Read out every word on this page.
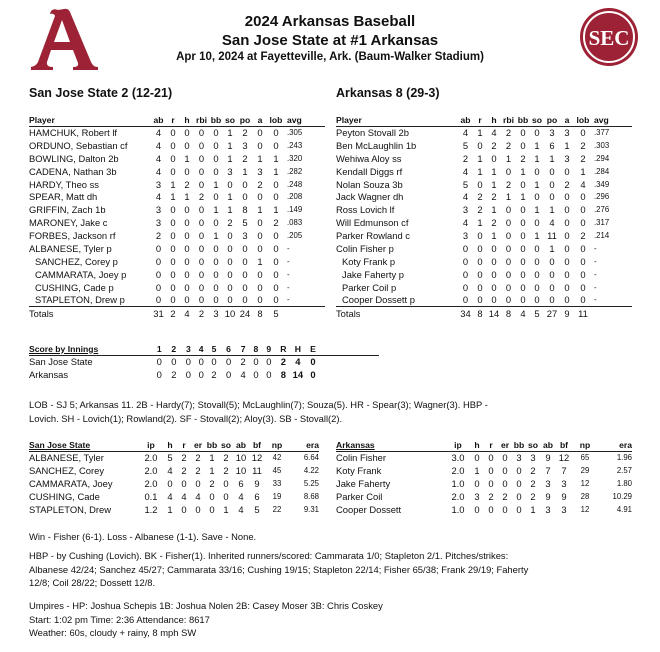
SEC
2024 Arkansas Baseball
San Jose State at #1 Arkansas
Apr 10, 2024 at Fayetteville, Ark. (Baum-Walker Stadium)
San Jose State 2 (12-21)	Arkansas 8 (29-3)
Player	ab	r	h	rbi	bb	so	po	a	lob	avg
HAMCHUK, Robert lf	4	0	0	0	0	1	2	0	0	.305
ORDUNO, Sebastian cf	4	0	0	0	0	1	3	0	0	.243
BOWLING, Dalton 2b	4	0	1	0	0	1	2	1	1	.320
CADENA, Nathan 3b	4	0	0	0	0	3	1	3	1	.282
HARDY, Theo ss	3	1	2	0	1	0	0	2	0	.248
SPEAR, Matt dh	4	1	1	2	0	1	0	0	0	.208
GRIFFIN, Zach 1b	3	0	0	0	1	1	8	1	1	.149
MARONEY, Jake c	3	0	0	0	0	2	5	0	2	.083
FORBES, Jackson rf	2	0	0	0	1	0	3	0	0	.205
ALBANESE, Tyler p	0	0	0	0	0	0	0	0	0	-
SANCHEZ, Corey p	0	0	0	0	0	0	0	1	0	-
CAMMARATA, Joey p	0	0	0	0	0	0	0	0	0	-
CUSHING, Cade p	0	0	0	0	0	0	0	0	0	-
STAPLETON, Drew p	0	0	0	0	0	0	0	0	0	-
Totals	31	2	4	2	3	10	24	8	5	
Player	ab	r	h	rbi	bb	so	po	a	lob	avg
Peyton Stovall 2b	4	1	4	2	0	0	3	3	0	.377
Ben McLaughlin 1b	5	0	2	2	0	1	6	1	2	.303
Wehiwa Aloy ss	2	1	0	1	2	1	1	3	2	.294
Kendall Diggs rf	4	1	1	0	1	0	0	0	1	.284
Nolan Souza 3b	5	0	1	2	0	1	0	2	4	.349
Jack Wagner dh	4	2	2	1	1	0	0	0	0	.296
Ross Lovich lf	3	2	1	0	0	1	1	0	0	.276
Will Edmunson cf	4	1	2	0	0	0	4	0	0	.317
Parker Rowland c	3	0	1	0	0	1	11	0	2	.214
Colin Fisher p	0	0	0	0	0	0	1	0	0	-
Koty Frank p	0	0	0	0	0	0	0	0	0	-
Jake Faherty p	0	0	0	0	0	0	0	0	0	-
Parker Coil p	0	0	0	0	0	0	0	0	0	-
Cooper Dossett p	0	0	0	0	0	0	0	0	0	-
Totals	34	8	14	8	4	5	27	9	11	
Score by Innings	1	2	3	4	5	6	7	8	9	R	H	E
San Jose State	0	0	0	0	0	0	2	0	0	2	4	0
Arkansas	0	2	0	0	2	0	4	0	0	8	14	0
LOB - SJ 5; Arkansas 11. 2B - Hardy(7); Stovall(5); McLaughlin(7); Souza(5). HR - Spear(3); Wagner(3). HBP -
Lovich. SH - Lovich(1); Rowland(2). SF - Stovall(2); Aloy(3). SB - Stovall(2).
San Jose State	ip	h	r	er	bb	so	ab	bf	np	era
ALBANESE, Tyler	2.0	5	2	2	1	2	10	12	42	6.64
SANCHEZ, Corey	2.0	4	2	2	1	2	10	11	45	4.22
CAMMARATA, Joey	2.0	0	0	0	2	0	6	9	33	5.25
CUSHING, Cade	0.1	4	4	4	0	0	4	6	19	8.68
STAPLETON, Drew	1.2	1	0	0	0	1	4	5	22	9.31
Arkansas	ip	h	r	er	bb	so	ab	bf	np	era
Colin Fisher	3.0	0	0	0	3	3	9	12	65	1.96
Koty Frank	2.0	1	0	0	0	2	7	7	29	2.57
Jake Faherty	1.0	0	0	0	0	2	3	3	12	1.80
Parker Coil	2.0	3	2	2	0	2	9	9	28	10.29
Cooper Dossett	1.0	0	0	0	0	1	3	3	12	4.91
Win - Fisher (6-1). Loss - Albanese (1-1). Save - None.
HBP - by Cushing (Lovich). BK - Fisher(1). Inherited runners/scored: Cammarata 1/0; Stapleton 2/1. Pitches/strikes:
Albanese 42/24; Sanchez 45/27; Cammarata 33/16; Cushing 19/15; Stapleton 22/14; Fisher 65/38; Frank 29/19; Faherty
12/8; Coil 28/22; Dossett 12/8.
Umpires - HP: Joshua Schepis 1B: Joshua Nolen 2B: Casey Moser 3B: Chris Coskey
Start: 1:02 pm Time: 2:36 Attendance: 8617
Weather: 60s, cloudy + rainy, 8 mph SW
